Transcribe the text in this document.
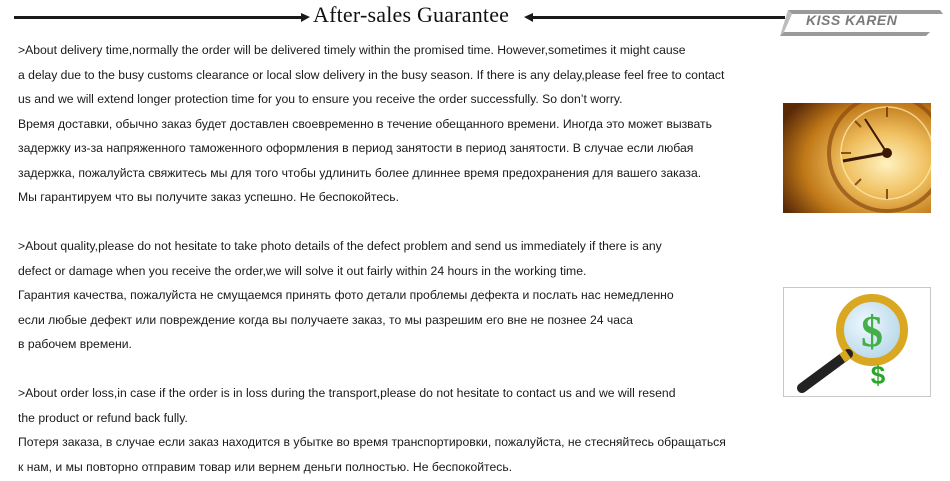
After-sales Guarantee	KISS KAREN
>About delivery time,normally the order will be delivered timely within the promised time. However,sometimes it might cause
a delay due to the busy customs clearance or local slow delivery in the busy season. If there is any delay,please feel free to contact
us and we will extend longer protection time for you to ensure you receive the order successfully. So don’t worry.
Время доставки, обычно заказ будет доставлен своевременно в течение обещанного времени. Иногда это может вызвать
задержку из-за напряженного таможенного оформления в период занятости в период занятости. В случае если любая
задержка, пожалуйста свяжитесь мы для того чтобы удлинить более длиннее время предохранения для вашего заказа.
Мы гарантируем что вы получите заказ успешно. Не беспокойтесь.
>About quality,please do not hesitate to take photo details of the defect problem and send us immediately if there is any
defect or damage when you receive the order,we will solve it out fairly within 24 hours in the working time.
Гарантия качества, пожалуйста не смущаемся принять фото детали проблемы дефекта и послать нас немедленно
если любые дефект или повреждение когда вы получаете заказ, то мы разрешим его вне не познее 24 часа
в рабочем времени.
>About order loss,in case if the order is in loss during the transport,please do not hesitate to contact us and we will resend
the product or refund back fully.
Потеря заказа, в случае если заказ находится в убытке во время транспортировки, пожалуйста, не стесняйтесь обращаться
к нам, и мы повторно отправим товар или вернем деньги полностью. Не беспокойтесь.
$
$
